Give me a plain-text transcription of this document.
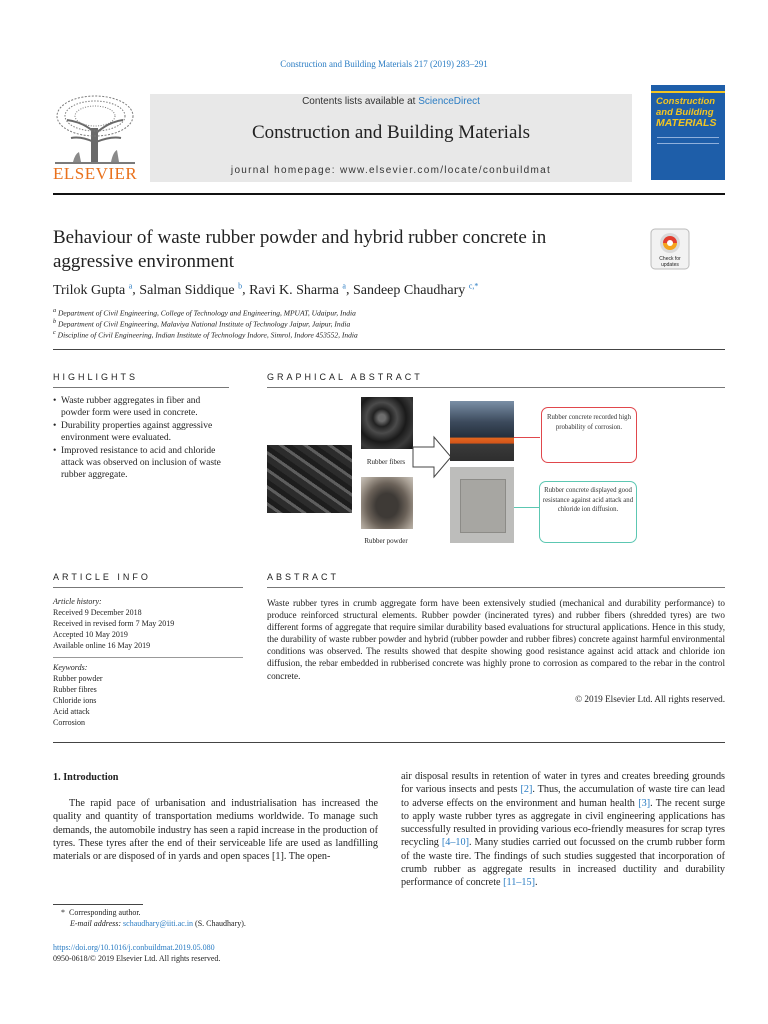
Construction and Building Materials 217 (2019) 283–291
ELSEVIER
Contents lists available at ScienceDirect
Construction and Building Materials
journal homepage: www.elsevier.com/locate/conbuildmat
Construction
and Building
MATERIALS
Behaviour of waste rubber powder and hybrid rubber concrete in aggressive environment	Check for updates
Trilok Gupta $^a$, Salman Siddique $^b$, Ravi K. Sharma $^a$, Sandeep Chaudhary $^{c,*}$
$^a$ Department of Civil Engineering, College of Technology and Engineering, MPUAT, Udaipur, India
$^b$ Department of Civil Engineering, Malaviya National Institute of Technology Jaipur, Jaipur, India
$^c$ Discipline of Civil Engineering, Indian Institute of Technology Indore, Simrol, Indore 453552, India
HIGHLIGHTS
• Waste rubber aggregates in fiber and powder form were used in concrete.
• Durability properties against aggressive environment were evaluated.
• Improved resistance to acid and chloride attack was observed on inclusion of waste rubber aggregate.
GRAPHICAL ABSTRACT
Rubber fibers
Rubber powder
Rubber concrete recorded high probability of corrosion.
Rubber concrete displayed good resistance against acid attack and chloride ion diffusion.
ARTICLE INFO
Article history:
Received 9 December 2018
Received in revised form 7 May 2019
Accepted 10 May 2019
Available online 16 May 2019
Keywords:
Rubber powder
Rubber fibres
Chloride ions
Acid attack
Corrosion
ABSTRACT
Waste rubber tyres in crumb aggregate form have been extensively studied (mechanical and durability performance) to produce reinforced structural elements. Rubber powder (incinerated tyres) and rubber fibers (shredded tyres) are two different forms of aggregate that require similar durability based evaluations for structural applications. Hence in this study, the durability of waste rubber powder and hybrid (rubber powder and rubber fibres) concrete against harmful environmental conditions was observed. The results showed that despite showing good resistance against acid attack and chloride ion diffusion, the rebar embedded in rubberised concrete was highly prone to corrosion as compared to the rebar in the control concrete.
© 2019 Elsevier Ltd. All rights reserved.
1. Introduction
The rapid pace of urbanisation and industrialisation has increased the quality and quantity of transportation mediums worldwide. To manage such demands, the automobile industry has seen a rapid increase in the production of tyres. These tyres after the end of their serviceable life are used as landfilling materials or are disposed of in yards and open spaces [1]. The open-
air disposal results in retention of water in tyres and creates breeding grounds for various insects and pests [2]. Thus, the accumulation of waste tire can lead to adverse effects on the environment and human health [3]. The recent surge to apply waste rubber tyres as aggregate in civil engineering applications has successfully resulted in providing various eco-friendly measures for scrap tyres recycling [4–10]. Many studies carried out focussed on the crumb rubber form of the waste tire. The findings of such studies suggested that incorporation of crumb rubber as aggregate results in increased ductility and durability performance of concrete [11–15].
*  Corresponding author.
E-mail address: schaudhary@iiti.ac.in (S. Chaudhary).
https://doi.org/10.1016/j.conbuildmat.2019.05.080
0950-0618/© 2019 Elsevier Ltd. All rights reserved.
